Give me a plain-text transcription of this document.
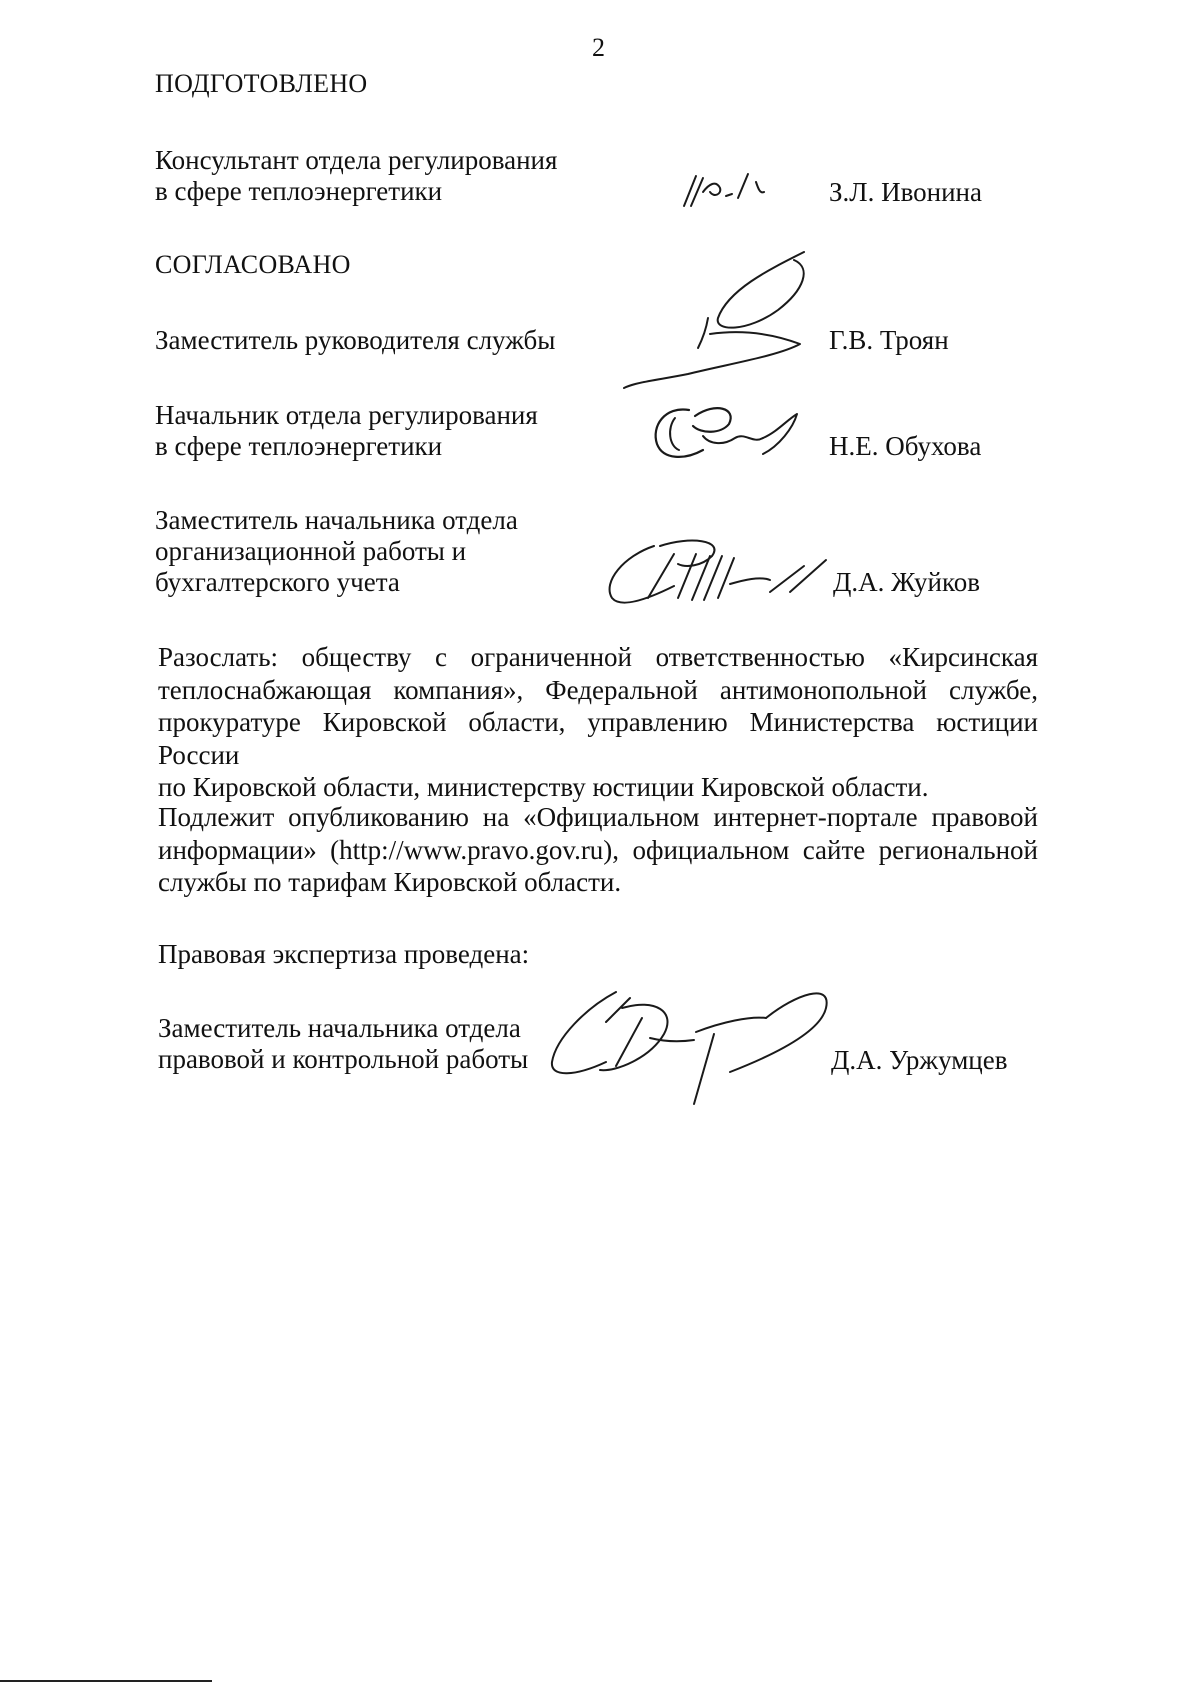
2
ПОДГОТОВЛЕНО
Консультант отдела регулирования
в сфере теплоэнергетики	З.Л. Ивонина
СОГЛАСОВАНО
Заместитель руководителя службы	Г.В. Троян
Начальник отдела регулирования
в сфере теплоэнергетики	Н.Е. Обухова
Заместитель начальника отдела
организационной работы и
бухгалтерского учета	Д.А. Жуйков
Разослать: обществу с ограниченной ответственностью «Кирсинская
теплоснабжающая компания», Федеральной антимонопольной службе,
прокуратуре Кировской области, управлению Министерства юстиции России
по Кировской области, министерству юстиции Кировской области.
Подлежит опубликованию на «Официальном интернет-портале правовой
информации» (http://www.pravo.gov.ru), официальном сайте региональной
службы по тарифам Кировской области.
Правовая экспертиза проведена:
Заместитель начальника отдела
правовой и контрольной работы	Д.А. Уржумцев
